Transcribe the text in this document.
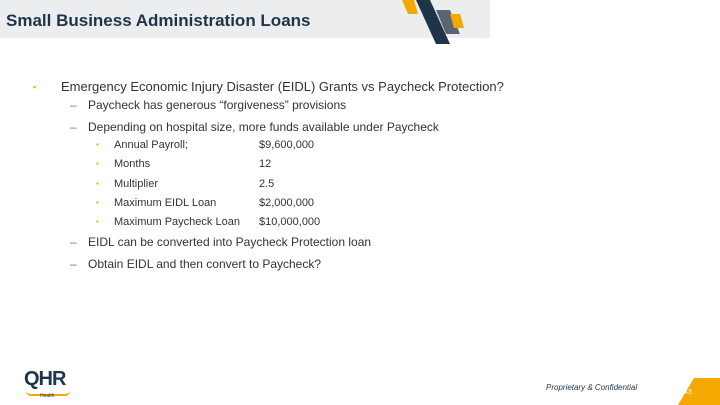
Small Business Administration Loans
▪ Emergency Economic Injury Disaster (EIDL) Grants vs Paycheck Protection?
– Paycheck has generous “forgiveness” provisions
– Depending on hospital size, more funds available under Paycheck
▪ Annual Payroll;	$9,600,000
▪ Months	12
▪ Multiplier	2.5
▪ Maximum EIDL Loan	$2,000,000
▪ Maximum Paycheck Loan $10,000,000
– EIDL can be converted into Paycheck Protection loan
– Obtain EIDL and then convert to Paycheck?
QHR
Health
Proprietary & Confidential
43
